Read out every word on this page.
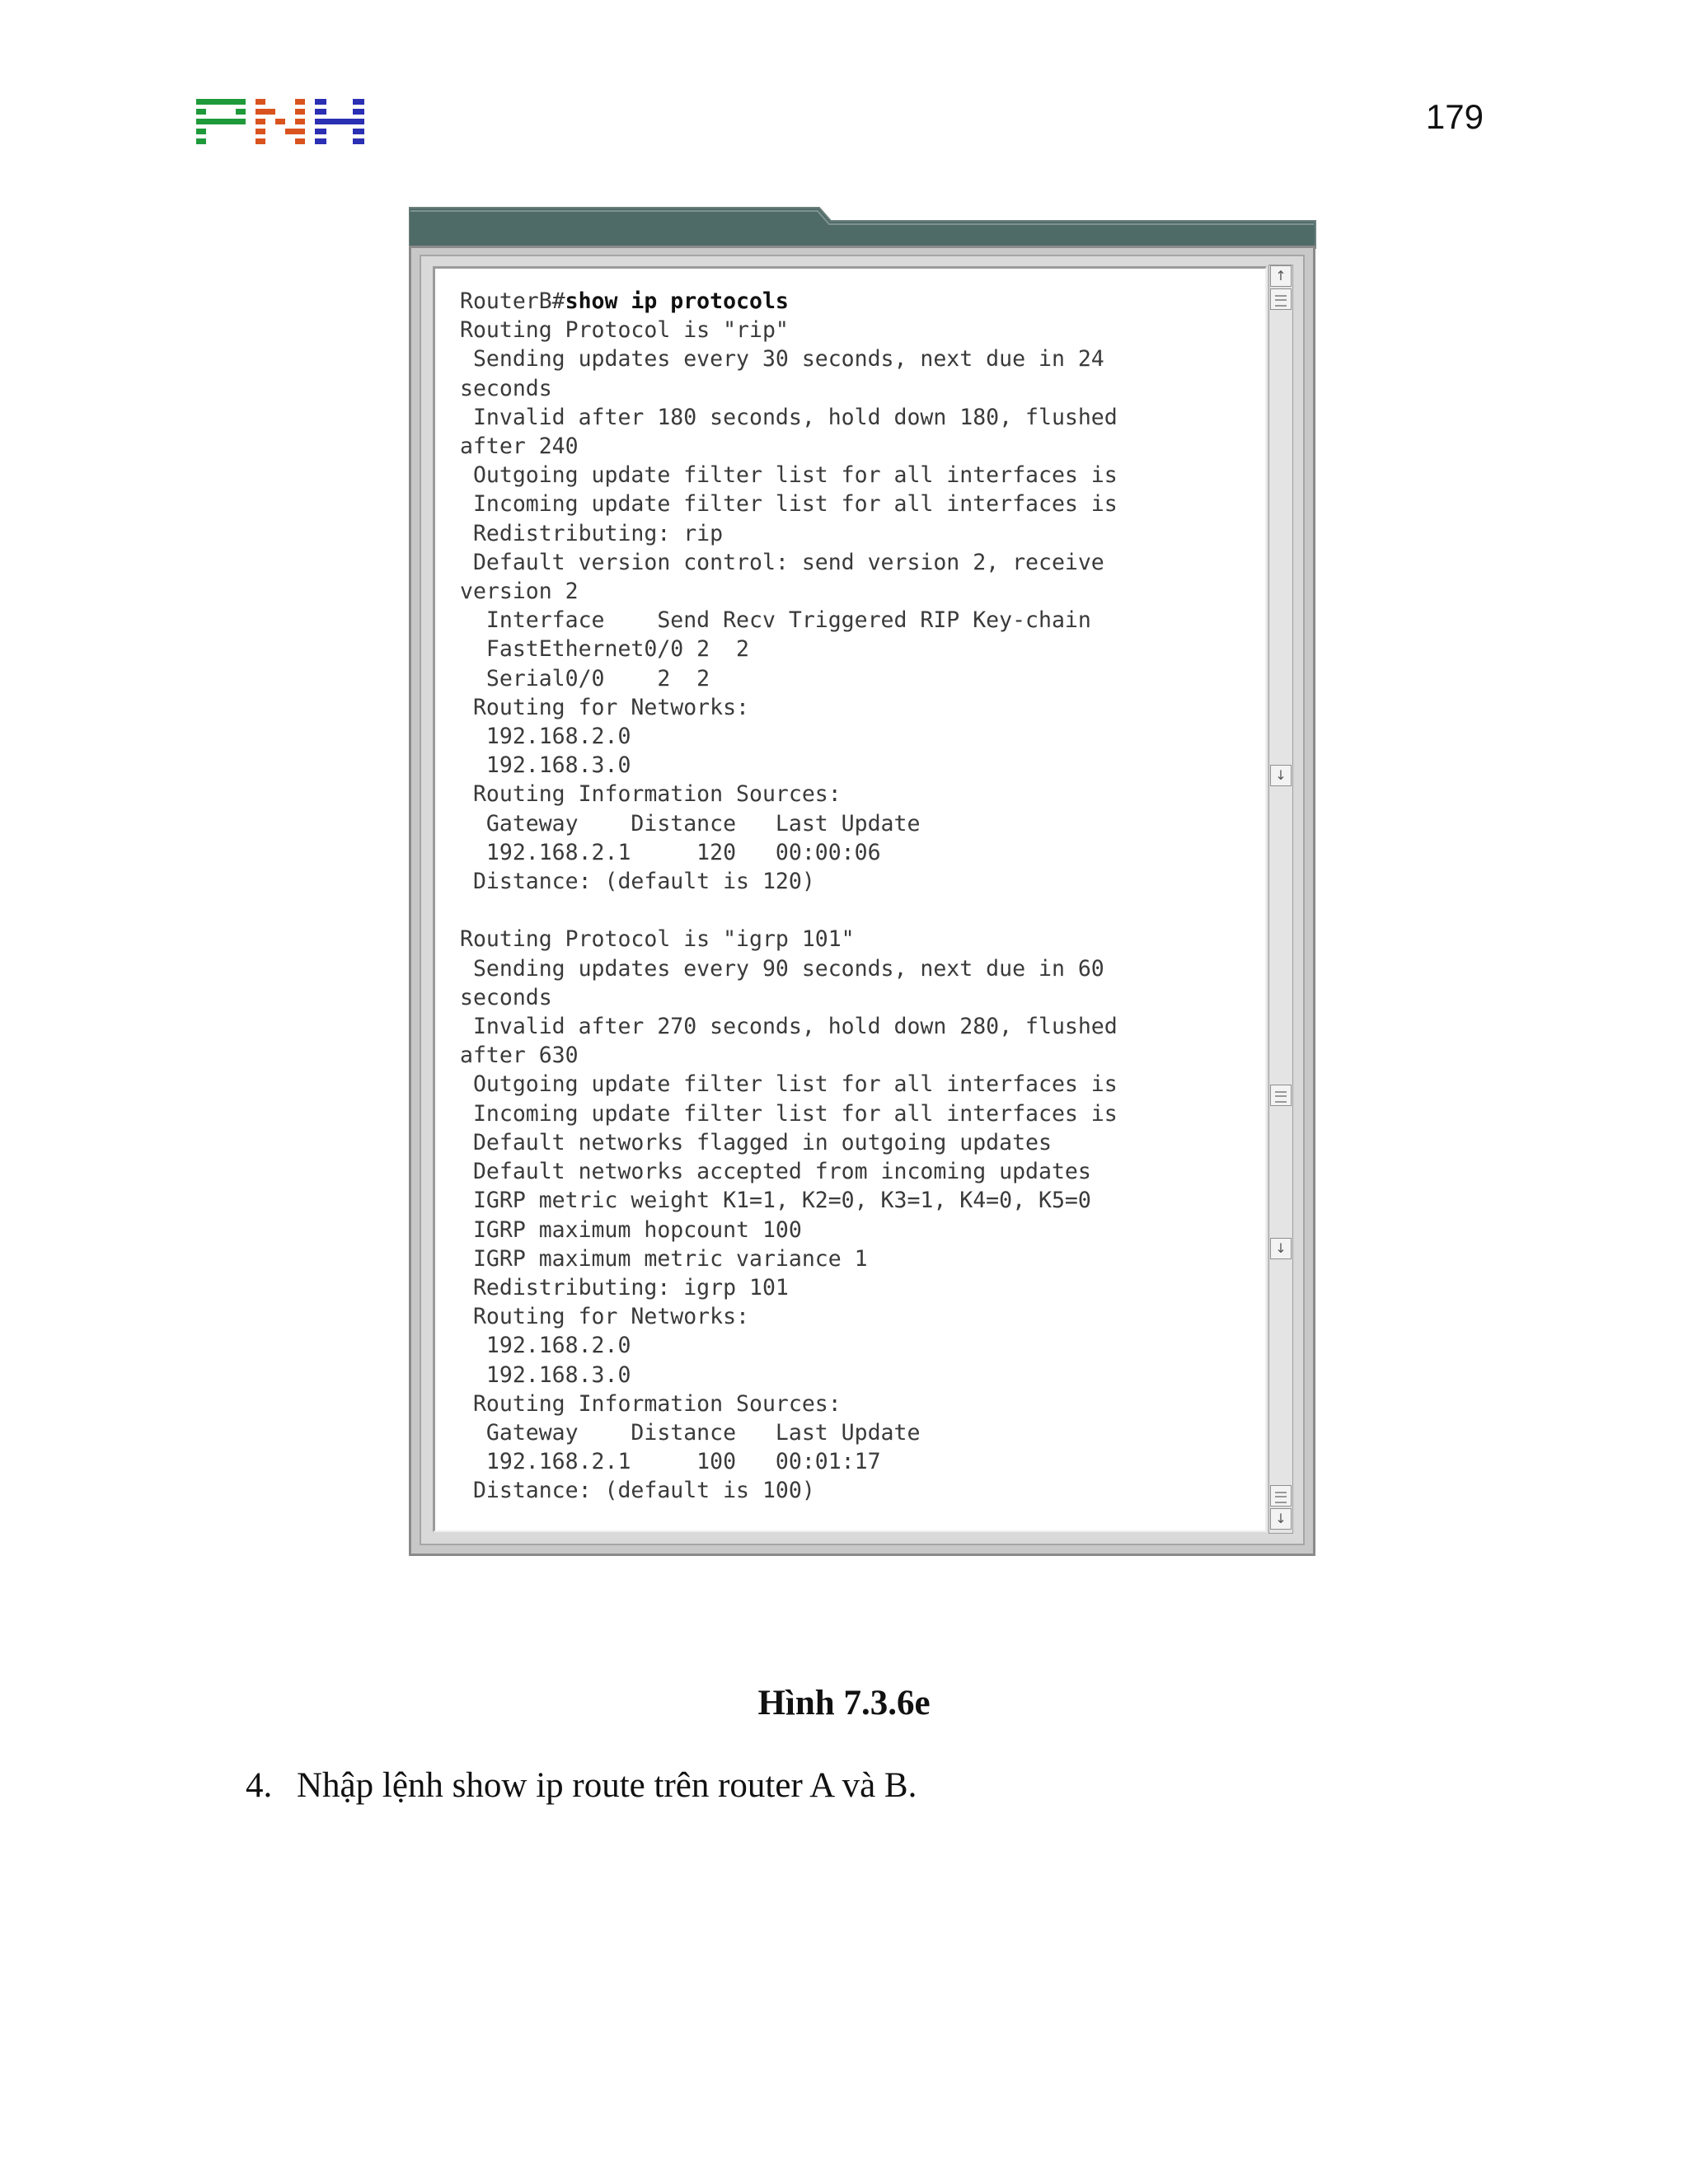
179
RouterB#show ip protocols
Routing Protocol is "rip"
Sending updates every 30 seconds, next due in 24
seconds
Invalid after 180 seconds, hold down 180, flushed
after 240
Outgoing update filter list for all interfaces is
Incoming update filter list for all interfaces is
Redistributing: rip
Default version control: send version 2, receive
version 2
Interface    Send Recv Triggered RIP Key-chain
FastEthernet0/0 2  2
Serial0/0    2  2
Routing for Networks:
192.168.2.0
192.168.3.0
Routing Information Sources:
Gateway    Distance   Last Update
192.168.2.1     120   00:00:06
Distance: (default is 120)

Routing Protocol is "igrp 101"
Sending updates every 90 seconds, next due in 60
seconds
Invalid after 270 seconds, hold down 280, flushed
after 630
Outgoing update filter list for all interfaces is
Incoming update filter list for all interfaces is
Default networks flagged in outgoing updates
Default networks accepted from incoming updates
IGRP metric weight K1=1, K2=0, K3=1, K4=0, K5=0
IGRP maximum hopcount 100
IGRP maximum metric variance 1
Redistributing: igrp 101
Routing for Networks:
192.168.2.0
192.168.3.0
Routing Information Sources:
Gateway    Distance   Last Update
192.168.2.1     100   00:01:17
Distance: (default is 100)
↑
↓
↓
↓
Hình 7.3.6e
4. Nhập lệnh show ip route trên router A và B.
